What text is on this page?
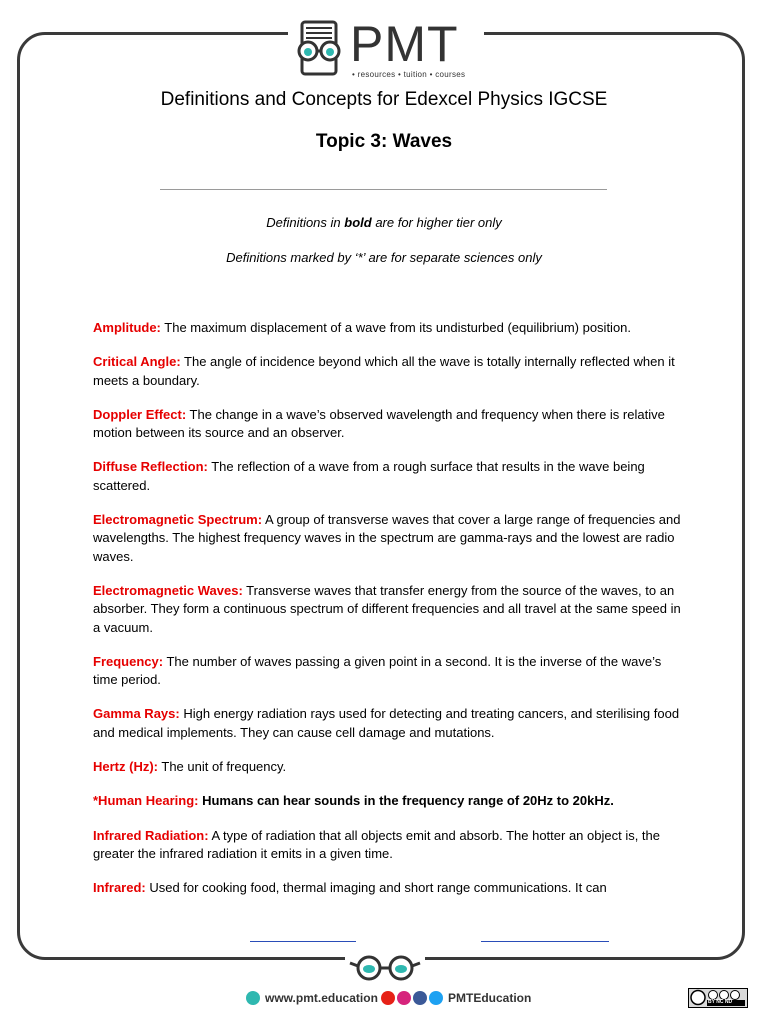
PMT
• resources • tuition • courses
Definitions and Concepts for Edexcel Physics IGCSE
Topic 3: Waves
Definitions in bold are for higher tier only
Definitions marked by ‘*’ are for separate sciences only

Amplitude: The maximum displacement of a wave from its undisturbed (equilibrium) position.

Critical Angle: The angle of incidence beyond which all the wave is totally internally reflected when it meets a boundary.

Doppler Effect: The change in a wave’s observed wavelength and frequency when there is relative motion between its source and an observer.

Diffuse Reflection: The reflection of a wave from a rough surface that results in the wave being scattered.

Electromagnetic Spectrum: A group of transverse waves that cover a large range of frequencies and wavelengths. The highest frequency waves in the spectrum are gamma-rays and the lowest are radio waves.

Electromagnetic Waves: Transverse waves that transfer energy from the source of the waves, to an absorber. They form a continuous spectrum of different frequencies and all travel at the same speed in a vacuum.

Frequency: The number of waves passing a given point in a second. It is the inverse of the wave’s time period.

Gamma Rays: High energy radiation rays used for detecting and treating cancers, and sterilising food and medical implements. They can cause cell damage and mutations.

Hertz (Hz): The unit of frequency.

*Human Hearing: Humans can hear sounds in the frequency range of 20Hz to 20kHz.

Infrared Radiation: A type of radiation that all objects emit and absorb. The hotter an object is, the greater the infrared radiation it emits in a given time.

Infrared: Used for cooking food, thermal imaging and short range communications. It can

www.pmt.education	PMTEducation	BY NC ND
